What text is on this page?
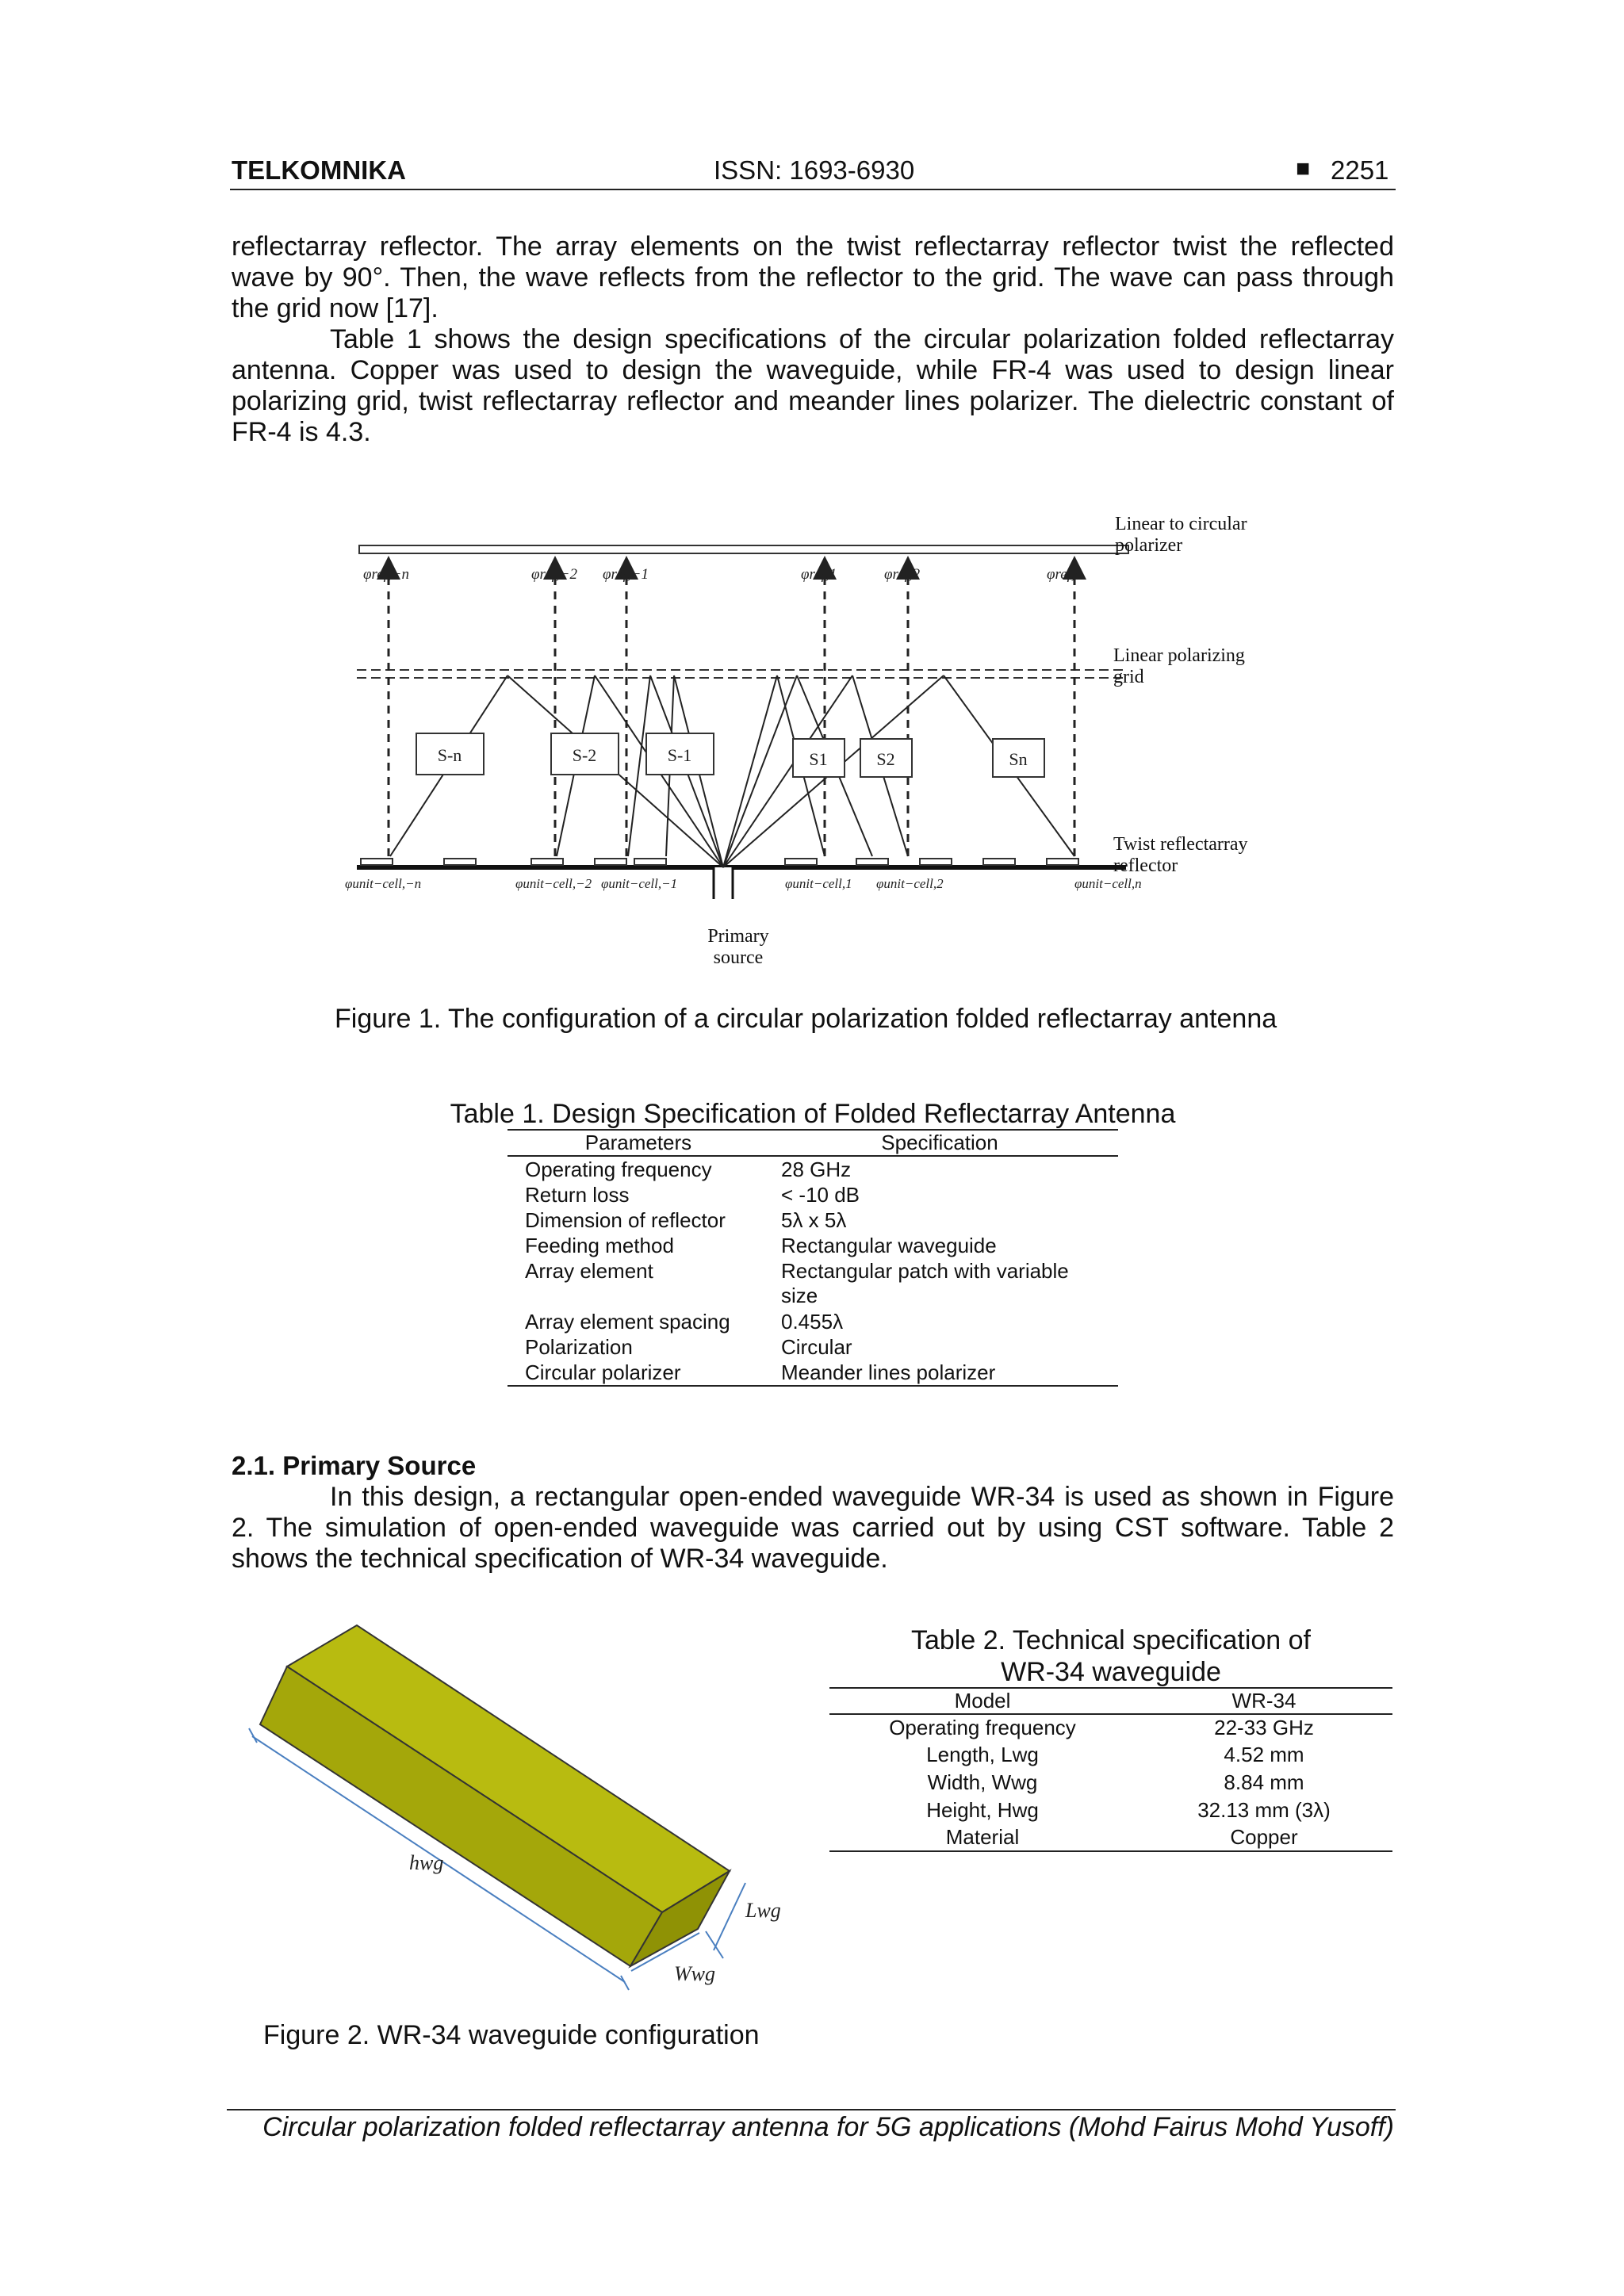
TELKOMNIKA	ISSN: 1693-6930	■ 2251

reflectarray reflector. The array elements on the twist reflectarray reflector twist the reflected wave by 90°. Then, the wave reflects from the reflector to the grid. The wave can pass through the grid now [17].

Table 1 shows the design specifications of the circular polarization folded reflectarray antenna. Copper was used to design the waveguide, while FR-4 was used to design linear polarizing grid, twist reflectarray reflector and meander lines polarizer. The dielectric constant of FR-4 is 4.3.

φref,−n	φref,−2 φref,−1	φref,1	φref,2	φref,n
φunit−cell,−n	φunit−cell,−2 φunit−cell,−1	φunit−cell,1 φunit−cell,2	φunit−cell,n
S-n	S-2	S-1	S1	S2	Sn
Linear to circular polarizer
Linear polarizing grid
Twist reflectarray reflector
Primary source
Figure 1. The configuration of a circular polarization folded reflectarray antenna
Table 1. Design Specification of Folded Reflectarray Antenna
Parameters	Specification
Operating frequency	28 GHz
Return loss	< -10 dB
Dimension of reflector	5λ x 5λ
Feeding method	Rectangular waveguide
Array element	Rectangular patch with variable size
Array element spacing 0.455λ
Polarization	Circular
Circular polarizer	Meander lines polarizer
2.1. Primary Source
In this design, a rectangular open-ended waveguide WR-34 is used as shown in Figure 2. The simulation of open-ended waveguide was carried out by using CST software. Table 2 shows the technical specification of WR-34 waveguide.
hwg
Lwg
Wwg
Figure 2. WR-34 waveguide configuration
Table 2. Technical specification of
WR-34 waveguide
Model	WR-34
Operating frequency	22-33 GHz
Length, Lwg	4.52 mm
Width, Wwg	8.84 mm
Height, Hwg	32.13 mm (3λ)
Material	Copper
Circular polarization folded reflectarray antenna for 5G applications (Mohd Fairus Mohd Yusoff)
